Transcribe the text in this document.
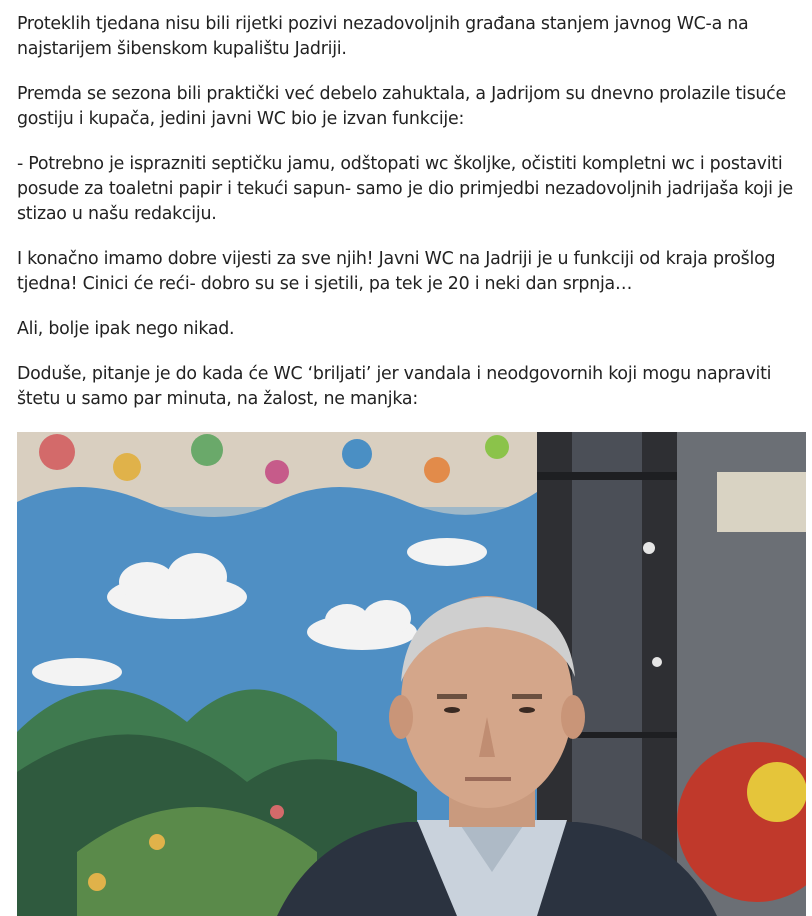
Proteklih tjedana nisu bili rijetki pozivi nezadovoljnih građana stanjem javnog WC-a na najstarijem šibenskom kupalištu Jadriji.

Premda se sezona bili praktički već debelo zahuktala, a Jadrijom su dnevno prolazile tisuće gostiju i kupača, jedini javni WC bio je izvan funkcije:

- Potrebno je isprazniti septičku jamu, odštopati wc školjke, očistiti kompletni wc i postaviti posude za toaletni papir i tekući sapun- samo je dio primjedbi nezadovoljnih jadrijaša koji je stizao u našu redakciju.

I konačno imamo dobre vijesti za sve njih! Javni WC na Jadriji je u funkciji od kraja prošlog tjedna! Cinici će reći- dobro su se i sjetili, pa tek je 20 i neki dan srpnja…

Ali, bolje ipak nego nikad.

Doduše, pitanje je do kada će WC ‘briljati’ jer vandala i neodgovornih koji mogu napraviti štetu u samo par minuta, na žalost, ne manjka:
